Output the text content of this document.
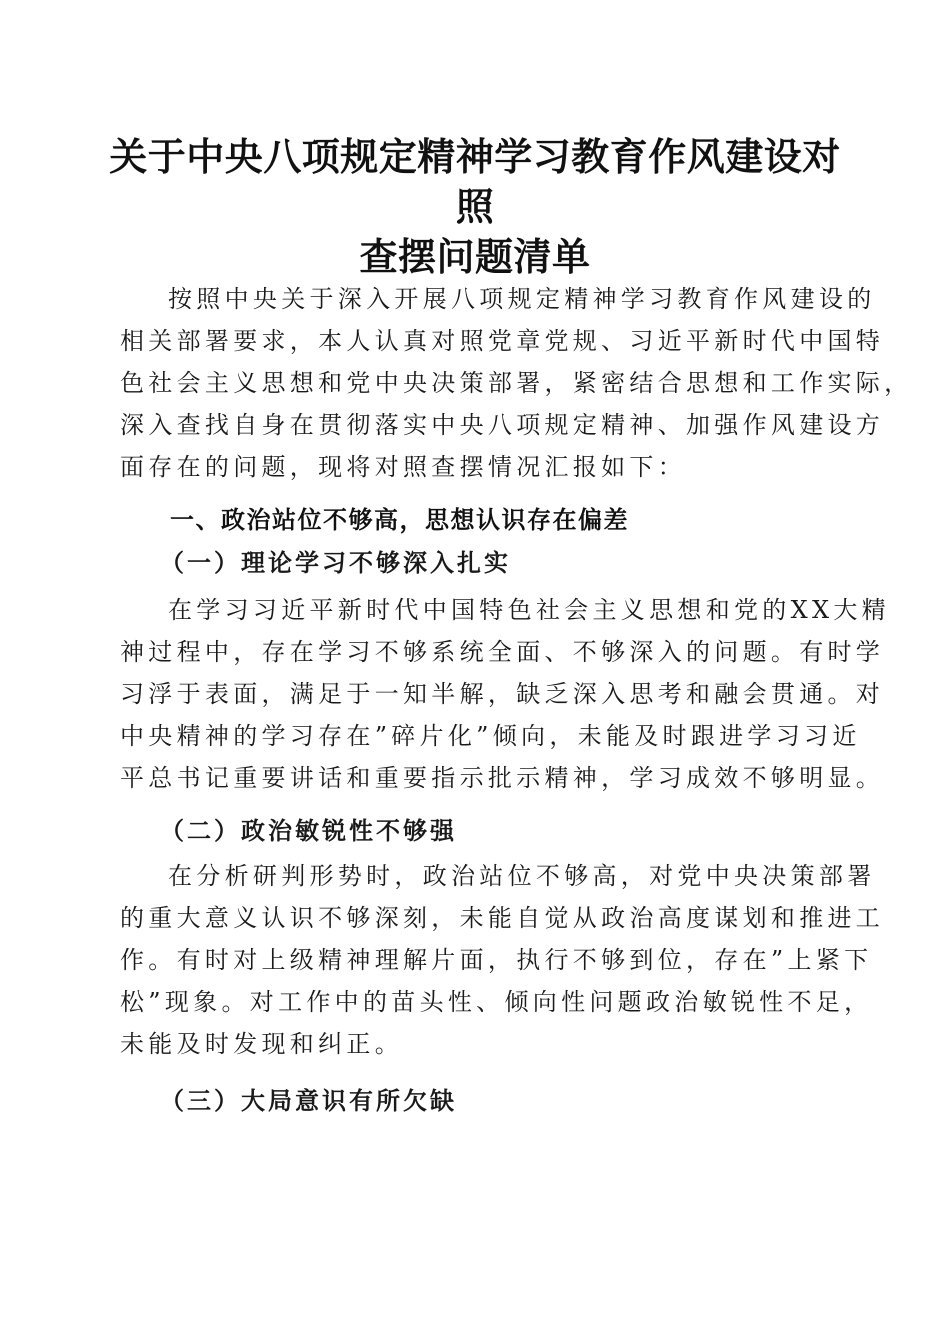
关于中央八项规定精神学习教育作风建设对照
查摆问题清单

按照中央关于深入开展八项规定精神学习教育作风建设的
相关部署要求，本人认真对照党章党规、习近平新时代中国特
色社会主义思想和党中央决策部署，紧密结合思想和工作实际，
深入查找自身在贯彻落实中央八项规定精神、加强作风建设方
面存在的问题，现将对照查摆情况汇报如下：

一、政治站位不够高，思想认识存在偏差
（一）理论学习不够深入扎实

在学习习近平新时代中国特色社会主义思想和党的XX大精
神过程中，存在学习不够系统全面、不够深入的问题。有时学
习浮于表面，满足于一知半解，缺乏深入思考和融会贯通。对
中央精神的学习存在”碎片化”倾向，未能及时跟进学习习近
平总书记重要讲话和重要指示批示精神，学习成效不够明显。

（二）政治敏锐性不够强

在分析研判形势时，政治站位不够高，对党中央决策部署
的重大意义认识不够深刻，未能自觉从政治高度谋划和推进工
作。有时对上级精神理解片面，执行不够到位，存在”上紧下
松”现象。对工作中的苗头性、倾向性问题政治敏锐性不足，
未能及时发现和纠正。

（三）大局意识有所欠缺
